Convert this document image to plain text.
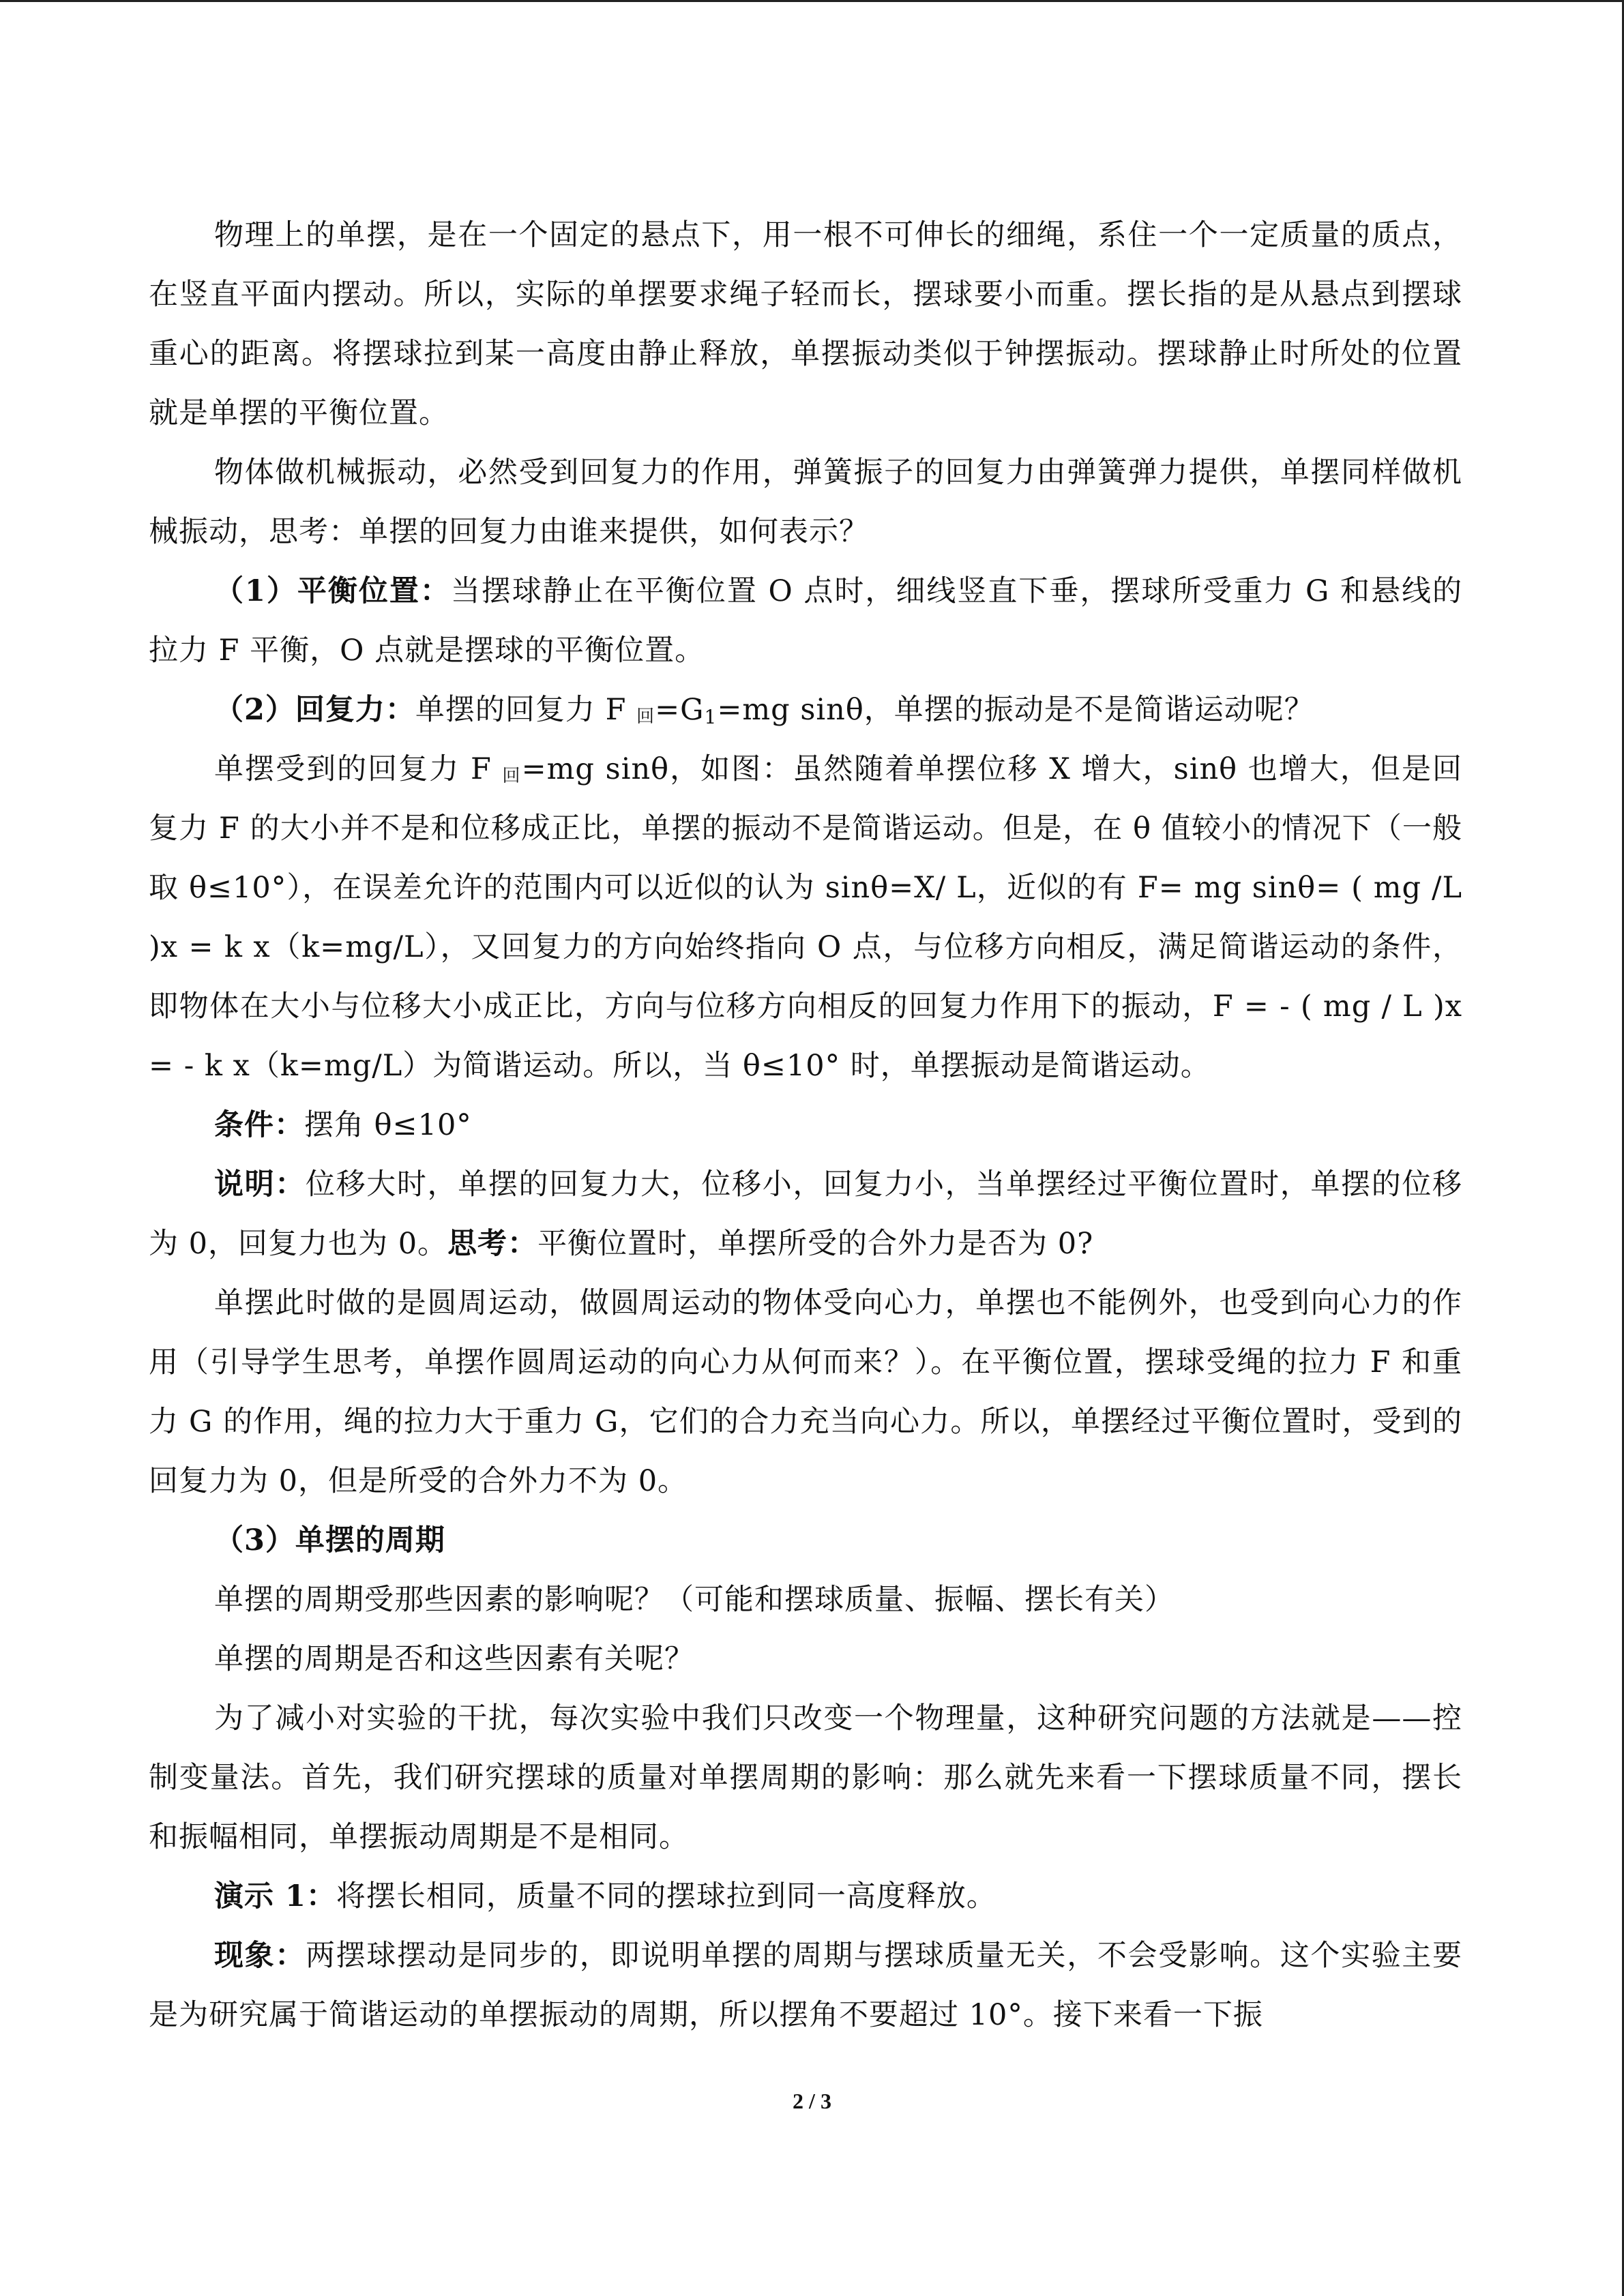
物理上的单摆，是在一个固定的悬点下，用一根不可伸长的细绳，系住一个一定质量的质点，在竖直平面内摆动。所以，实际的单摆要求绳子轻而长，摆球要小而重。摆长指的是从悬点到摆球重心的距离。将摆球拉到某一高度由静止释放，单摆振动类似于钟摆振动。摆球静止时所处的位置就是单摆的平衡位置。

物体做机械振动，必然受到回复力的作用，弹簧振子的回复力由弹簧弹力提供，单摆同样做机械振动，思考：单摆的回复力由谁来提供，如何表示？

（1）平衡位置：当摆球静止在平衡位置 O 点时，细线竖直下垂，摆球所受重力 G 和悬线的拉力 F 平衡，O 点就是摆球的平衡位置。

（2）回复力：单摆的回复力 F 回$=G_1=mg$ sinθ，单摆的振动是不是简谐运动呢？

单摆受到的回复力 F 回=mg sinθ，如图：虽然随着单摆位移 X 增大，sinθ 也增大，但是回复力 F 的大小并不是和位移成正比，单摆的振动不是简谐运动。但是，在 θ 值较小的情况下（一般取 θ≤10°），在误差允许的范围内可以近似的认为 sinθ=X/ L，近似的有 F= mg sinθ= ( mg /L )x = k x（k=mg/L），又回复力的方向始终指向 O 点，与位移方向相反，满足简谐运动的条件，即物体在大小与位移大小成正比，方向与位移方向相反的回复力作用下的振动，F = - ( mg / L )x = - k x（k=mg/L）为简谐运动。所以，当 θ≤10° 时，单摆振动是简谐运动。

条件：摆角 θ≤10°

说明：位移大时，单摆的回复力大，位移小，回复力小，当单摆经过平衡位置时，单摆的位移为 0，回复力也为 0。思考：平衡位置时，单摆所受的合外力是否为 0?

单摆此时做的是圆周运动，做圆周运动的物体受向心力，单摆也不能例外，也受到向心力的作用（引导学生思考，单摆作圆周运动的向心力从何而来？）。在平衡位置，摆球受绳的拉力 F 和重力 G 的作用，绳的拉力大于重力 G，它们的合力充当向心力。所以，单摆经过平衡位置时，受到的回复力为 0，但是所受的合外力不为 0。

（3）单摆的周期

单摆的周期受那些因素的影响呢？（可能和摆球质量、振幅、摆长有关）

单摆的周期是否和这些因素有关呢？

为了减小对实验的干扰，每次实验中我们只改变一个物理量，这种研究问题的方法就是——控制变量法。首先，我们研究摆球的质量对单摆周期的影响：那么就先来看一下摆球质量不同，摆长和振幅相同，单摆振动周期是不是相同。

演示 1：将摆长相同，质量不同的摆球拉到同一高度释放。

现象：两摆球摆动是同步的，即说明单摆的周期与摆球质量无关，不会受影响。这个实验主要是为研究属于简谐运动的单摆振动的周期，所以摆角不要超过 10°。接下来看一下振

2 / 3
